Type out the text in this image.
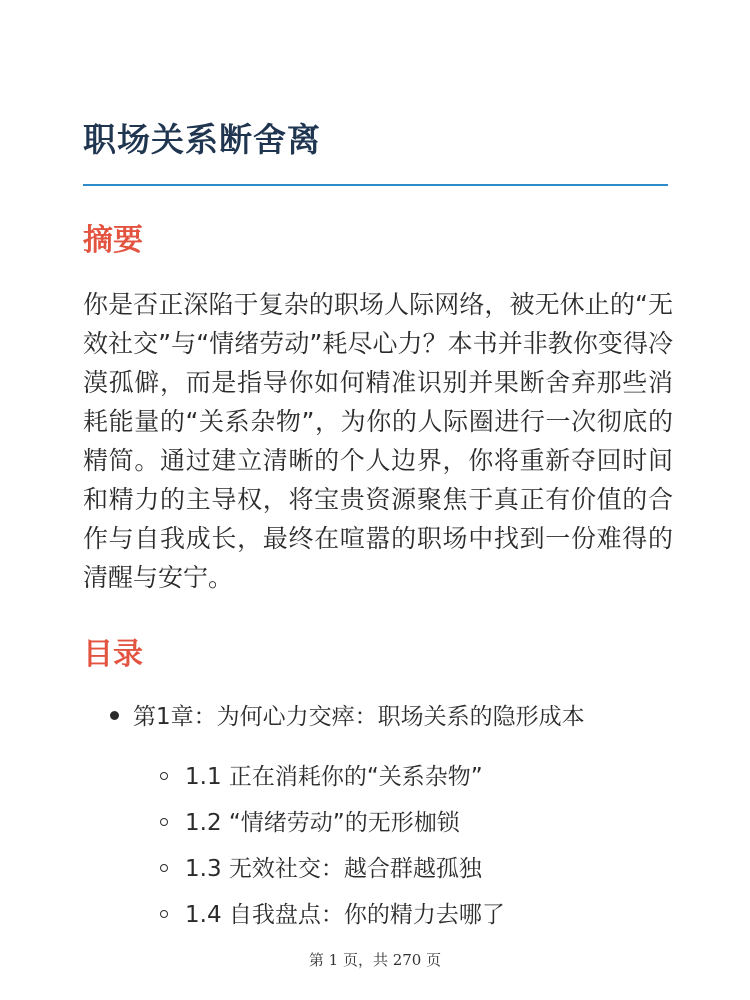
职场关系断舍离
摘要

你是否正深陷于复杂的职场人际网络，被无休止的“无效社交”与“情绪劳动”耗尽心力？本书并非教你变得冷漠孤僻，而是指导你如何精准识别并果断舍弃那些消耗能量的“关系杂物”，为你的人际圈进行一次彻底的精简。通过建立清晰的个人边界，你将重新夺回时间和精力的主导权，将宝贵资源聚焦于真正有价值的合作与自我成长，最终在喧嚣的职场中找到一份难得的清醒与安宁。

目录
第1章：为何心力交瘁：职场关系的隐形成本
1.1 正在消耗你的“关系杂物”
1.2 “情绪劳动”的无形枷锁
1.3 无效社交：越合群越孤独
1.4 自我盘点：你的精力去哪了
第 1 页，共 270 页
